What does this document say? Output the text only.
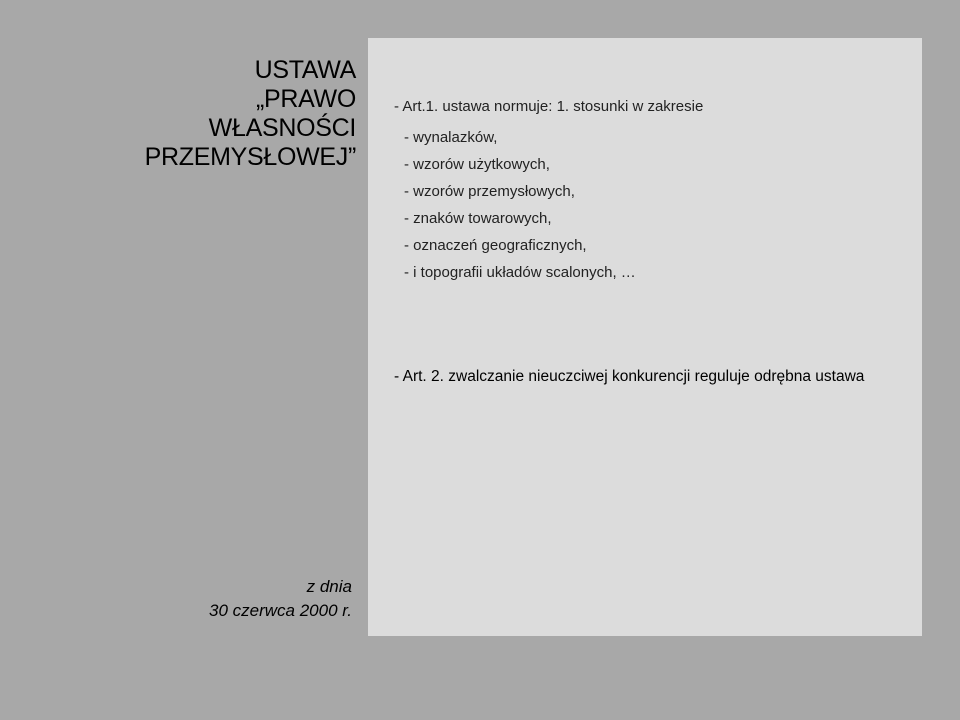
USTAWA
„PRAWO
WŁASNOŚCI
PRZEMYSŁOWEJ”
z dnia
30 czerwca 2000 r.
- Art.1. ustawa normuje: 1. stosunki w zakresie
- wynalazków,
- wzorów użytkowych,
- wzorów przemysłowych,
- znaków towarowych,
- oznaczeń geograficznych,
- i topografii układów scalonych, …
- Art. 2. zwalczanie nieuczciwej konkurencji reguluje odrębna ustawa
